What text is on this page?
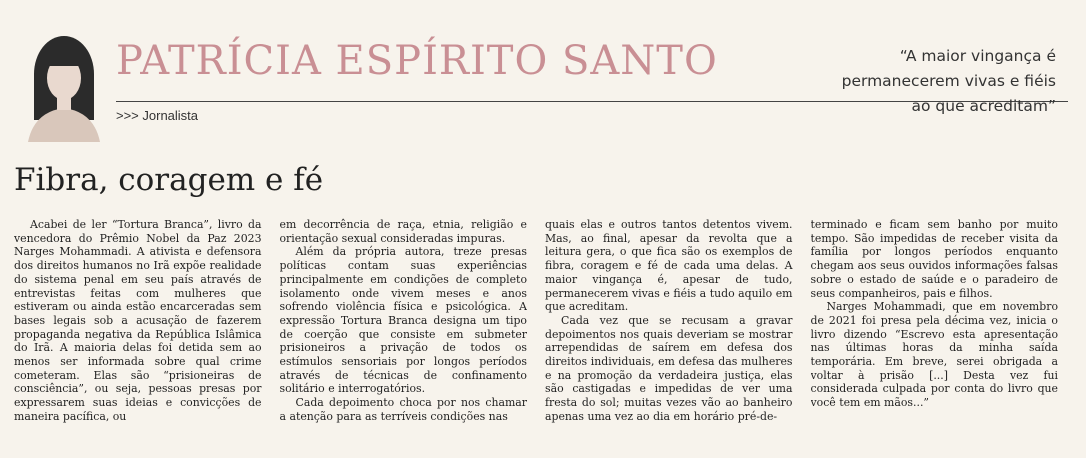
PATRÍCIA ESPÍRITO SANTO
>>> Jornalista
“A maior vingança é permanecerem vivas e fiéis ao que acreditam”
Fibra, coragem e fé

Acabei de ler “Tortura Branca”, livro da vencedora do Prêmio Nobel da Paz 2023 Narges Mohammadi. A ativista e defensora dos direitos humanos no Irã expõe realidade do sistema penal em seu país através de entrevistas feitas com mulheres que estiveram ou ainda estão encarceradas sem bases legais sob a acusação de fazerem propaganda negativa da República Islâmica do Irã. A maioria delas foi detida sem ao menos ser informada sobre qual crime cometeram. Elas são “prisioneiras de consciência”, ou seja, pessoas presas por expressarem suas ideias e convicções de maneira pacífica, ou

em decorrência de raça, etnia, religião e orientação sexual consideradas impuras.

Além da própria autora, treze presas políticas contam suas experiências principalmente em condições de completo isolamento onde vivem meses e anos sofrendo violência física e psicológica. A expressão Tortura Branca designa um tipo de coerção que consiste em submeter prisioneiros a privação de todos os estímulos sensoriais por longos períodos através de técnicas de confinamento solitário e interrogatórios.

Cada depoimento choca por nos chamar a atenção para as terríveis condições nas

quais elas e outros tantos detentos vivem. Mas, ao final, apesar da revolta que a leitura gera, o que fica são os exemplos de fibra, coragem e fé de cada uma delas. A maior vingança é, apesar de tudo, permanecerem vivas e fiéis a tudo aquilo em que acreditam.

Cada vez que se recusam a gravar depoimentos nos quais deveriam se mostrar arrependidas de saírem em defesa dos direitos individuais, em defesa das mulheres e na promoção da verdadeira justiça, elas são castigadas e impedidas de ver uma fresta do sol; muitas vezes vão ao banheiro apenas uma vez ao dia em horário pré-de-

terminado e ficam sem banho por muito tempo. São impedidas de receber visita da família por longos períodos enquanto chegam aos seus ouvidos informações falsas sobre o estado de saúde e o paradeiro de seus companheiros, pais e filhos.

Narges Mohammadi, que em novembro de 2021 foi presa pela décima vez, inicia o livro dizendo “Escrevo esta apresentação nas últimas horas da minha saída temporária. Em breve, serei obrigada a voltar à prisão [...] Desta vez fui considerada culpada por conta do livro que você tem em mãos...”
